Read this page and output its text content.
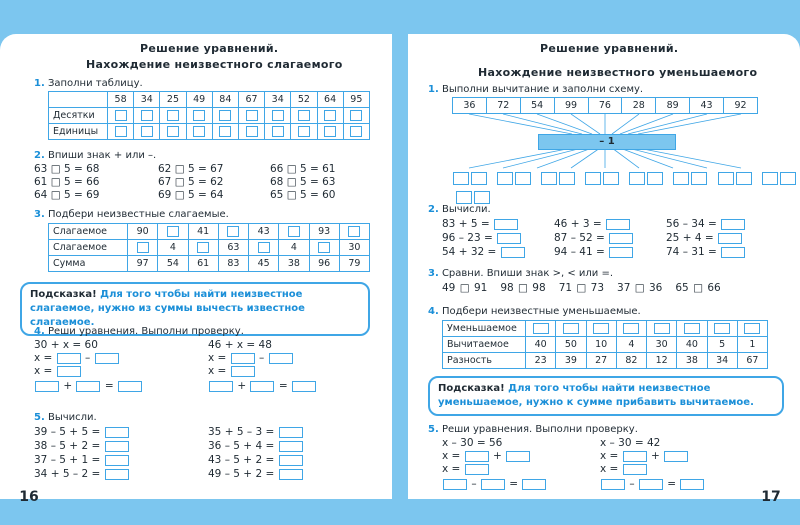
Решение уравнений.
Нахождение неизвестного слагаемого
1. Заполни таблицу.
	58	34	25	49	84	67	34	52	64	95
Десятки										
Единицы										
2. Впиши знак + или –.
63 □ 5 = 68
61 □ 5 = 66
64 □ 5 = 69
62 □ 5 = 67
67 □ 5 = 62
69 □ 5 = 64
66 □ 5 = 61
68 □ 5 = 63
65 □ 5 = 60
3. Подбери неизвестные слагаемые.
Слагаемое	90		41		43		93	
Слагаемое		4		63		4		30
Сумма	97	54	61	83	45	38	96	79
Подсказка! Для того чтобы найти неизвестное слагаемое, нужно из суммы вычесть известное слагаемое.
4. Реши уравнения. Выполни проверку.
30 + x = 60
x =  –
x =
+  =
46 + x = 48
x =  –
x =
+  =
5. Вычисли.
39 – 5 + 5 =
38 – 5 + 2 =
37 – 5 + 1 =
34 + 5 – 2 =
35 + 5 – 3 =
36 – 5 + 4 =
43 – 5 + 2 =
49 – 5 + 2 =
Решение уравнений.
Нахождение неизвестного уменьшаемого
1. Выполни вычитание и заполни схему.
36	72	54	99	76	28	89	43	92
– 1

2. Вычисли.
83 + 5 =
96 – 23 =
54 + 32 =
46 + 3 =
87 – 52 =
94 – 41 =
56 – 34 =
25 + 4 =
74 – 31 =
3. Сравни. Впиши знак >, < или =.
49 □ 91 98 □ 98 71 □ 73 37 □ 36 65 □ 66
4. Подбери неизвестные уменьшаемые.
Уменьшаемое								
Вычитаемое	40	50	10	4	30	40	5	1
Разность	23	39	27	82	12	38	34	67
Подсказка! Для того чтобы найти неизвестное уменьшаемое, нужно к сумме прибавить вычитаемое.
5. Реши уравнения. Выполни проверку.
x – 30 = 56
x =  +
x =
–  =
x – 30 = 42
x =  +
x =
–  =
16	17
